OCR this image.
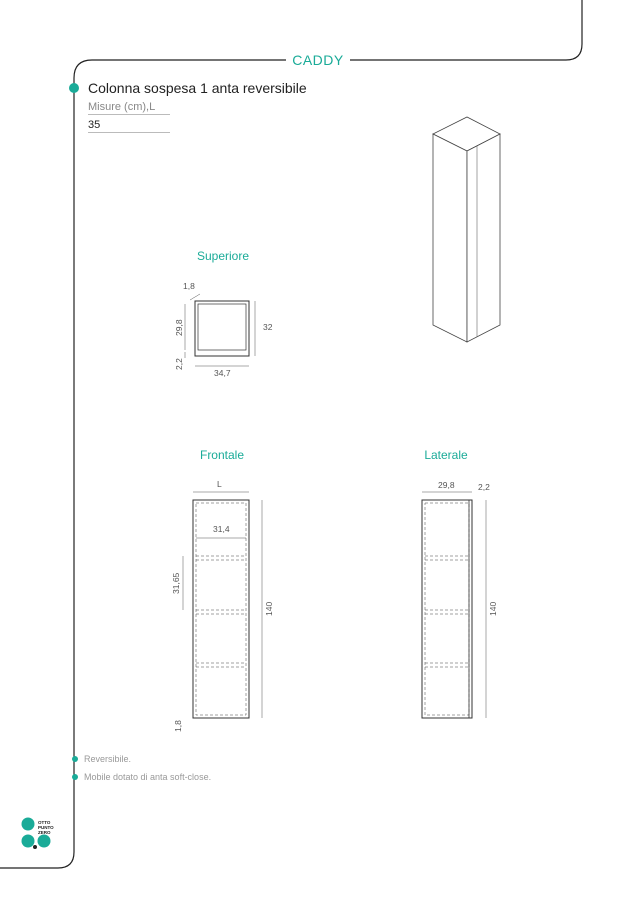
CADDY
Colonna sospesa 1 anta reversibile
Misure (cm),L
35
Superiore
1,8
29,8	32
2,2
34,7
Frontale
L
31,4
31,65
140
1,8
Laterale
29,8	2,2
140
Reversibile.
Mobile dotato di anta soft-close.
OTTO
PUNTO
ZERO
